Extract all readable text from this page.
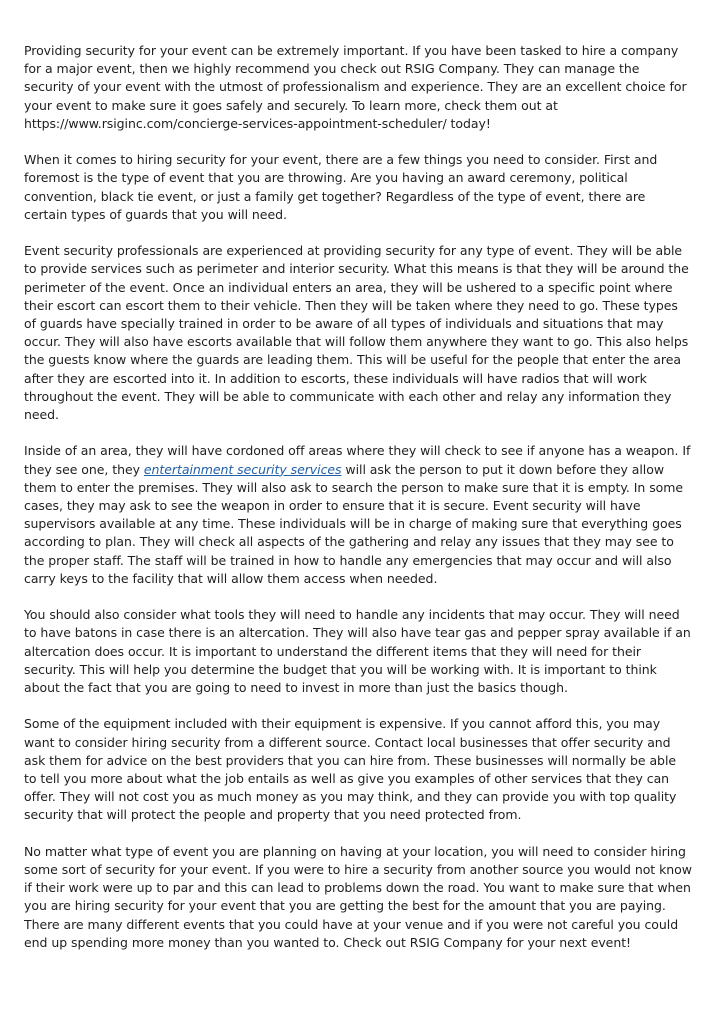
Providing security for your event can be extremely important. If you have been tasked to hire a company for a major event, then we highly recommend you check out RSIG Company. They can manage the security of your event with the utmost of professionalism and experience. They are an excellent choice for your event to make sure it goes safely and securely. To learn more, check them out at https://www.rsiginc.com/concierge-services-appointment-scheduler/ today!

When it comes to hiring security for your event, there are a few things you need to consider. First and foremost is the type of event that you are throwing. Are you having an award ceremony, political convention, black tie event, or just a family get together? Regardless of the type of event, there are certain types of guards that you will need.

Event security professionals are experienced at providing security for any type of event. They will be able to provide services such as perimeter and interior security. What this means is that they will be around the perimeter of the event. Once an individual enters an area, they will be ushered to a specific point where their escort can escort them to their vehicle. Then they will be taken where they need to go. These types of guards have specially trained in order to be aware of all types of individuals and situations that may occur. They will also have escorts available that will follow them anywhere they want to go. This also helps the guests know where the guards are leading them. This will be useful for the people that enter the area after they are escorted into it. In addition to escorts, these individuals will have radios that will work throughout the event. They will be able to communicate with each other and relay any information they need.

Inside of an area, they will have cordoned off areas where they will check to see if anyone has a weapon. If they see one, they entertainment security services will ask the person to put it down before they allow them to enter the premises. They will also ask to search the person to make sure that it is empty. In some cases, they may ask to see the weapon in order to ensure that it is secure. Event security will have supervisors available at any time. These individuals will be in charge of making sure that everything goes according to plan. They will check all aspects of the gathering and relay any issues that they may see to the proper staff. The staff will be trained in how to handle any emergencies that may occur and will also carry keys to the facility that will allow them access when needed.

You should also consider what tools they will need to handle any incidents that may occur. They will need to have batons in case there is an altercation. They will also have tear gas and pepper spray available if an altercation does occur. It is important to understand the different items that they will need for their security. This will help you determine the budget that you will be working with. It is important to think about the fact that you are going to need to invest in more than just the basics though.

Some of the equipment included with their equipment is expensive. If you cannot afford this, you may want to consider hiring security from a different source. Contact local businesses that offer security and ask them for advice on the best providers that you can hire from. These businesses will normally be able to tell you more about what the job entails as well as give you examples of other services that they can offer. They will not cost you as much money as you may think, and they can provide you with top quality security that will protect the people and property that you need protected from.

No matter what type of event you are planning on having at your location, you will need to consider hiring some sort of security for your event. If you were to hire a security from another source you would not know if their work were up to par and this can lead to problems down the road. You want to make sure that when you are hiring security for your event that you are getting the best for the amount that you are paying. There are many different events that you could have at your venue and if you were not careful you could end up spending more money than you wanted to. Check out RSIG Company for your next event!
